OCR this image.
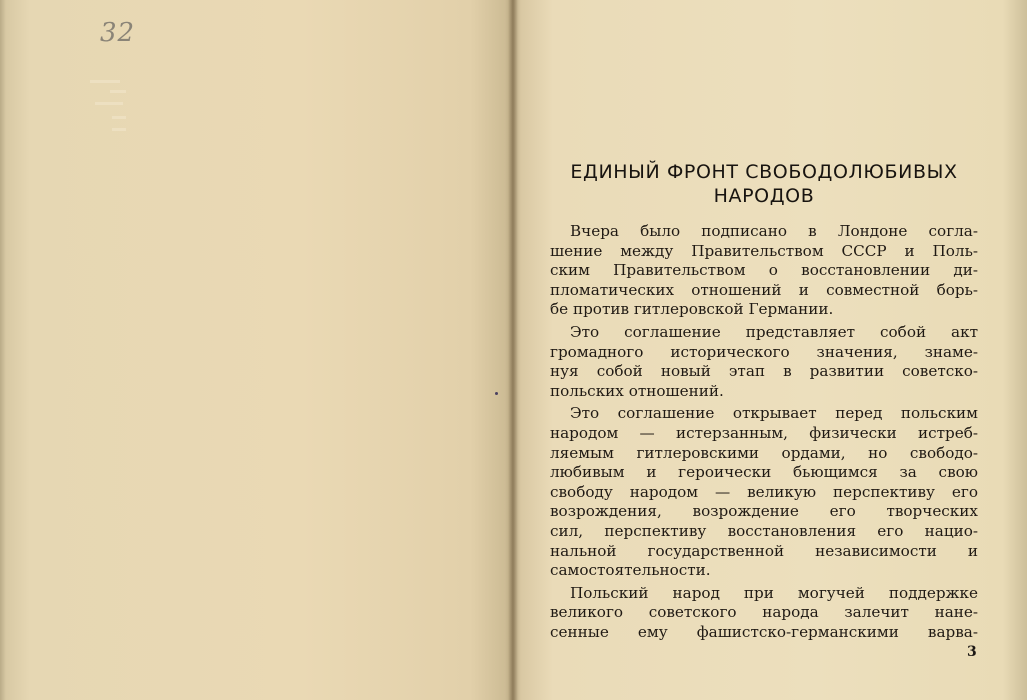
32
ЕДИНЫЙ ФРОНТ СВОБОДОЛЮБИВЫХ
НАРОДОВ
Вчера было подписано в Лондоне согла-
шение между Правительством СССР и Поль-
ским Правительством о восстановлении ди-
пломатических отношений и совместной борь-
бе против гитлеровской Германии.
Это соглашение представляет собой акт
громадного исторического значения, знаме-
нуя собой новый этап в развитии советско-
польских отношений.
Это соглашение открывает перед польским
народом — истерзанным, физически истреб-
ляемым гитлеровскими ордами, но свободо-
любивым и героически бьющимся за свою
свободу народом — великую перспективу его
возрождения, возрождение его творческих
сил, перспективу восстановления его нацио-
нальной государственной независимости и
самостоятельности.
Польский народ при могучей поддержке
великого советского народа залечит нане-
сенные ему фашистско-германскими варва-
3
